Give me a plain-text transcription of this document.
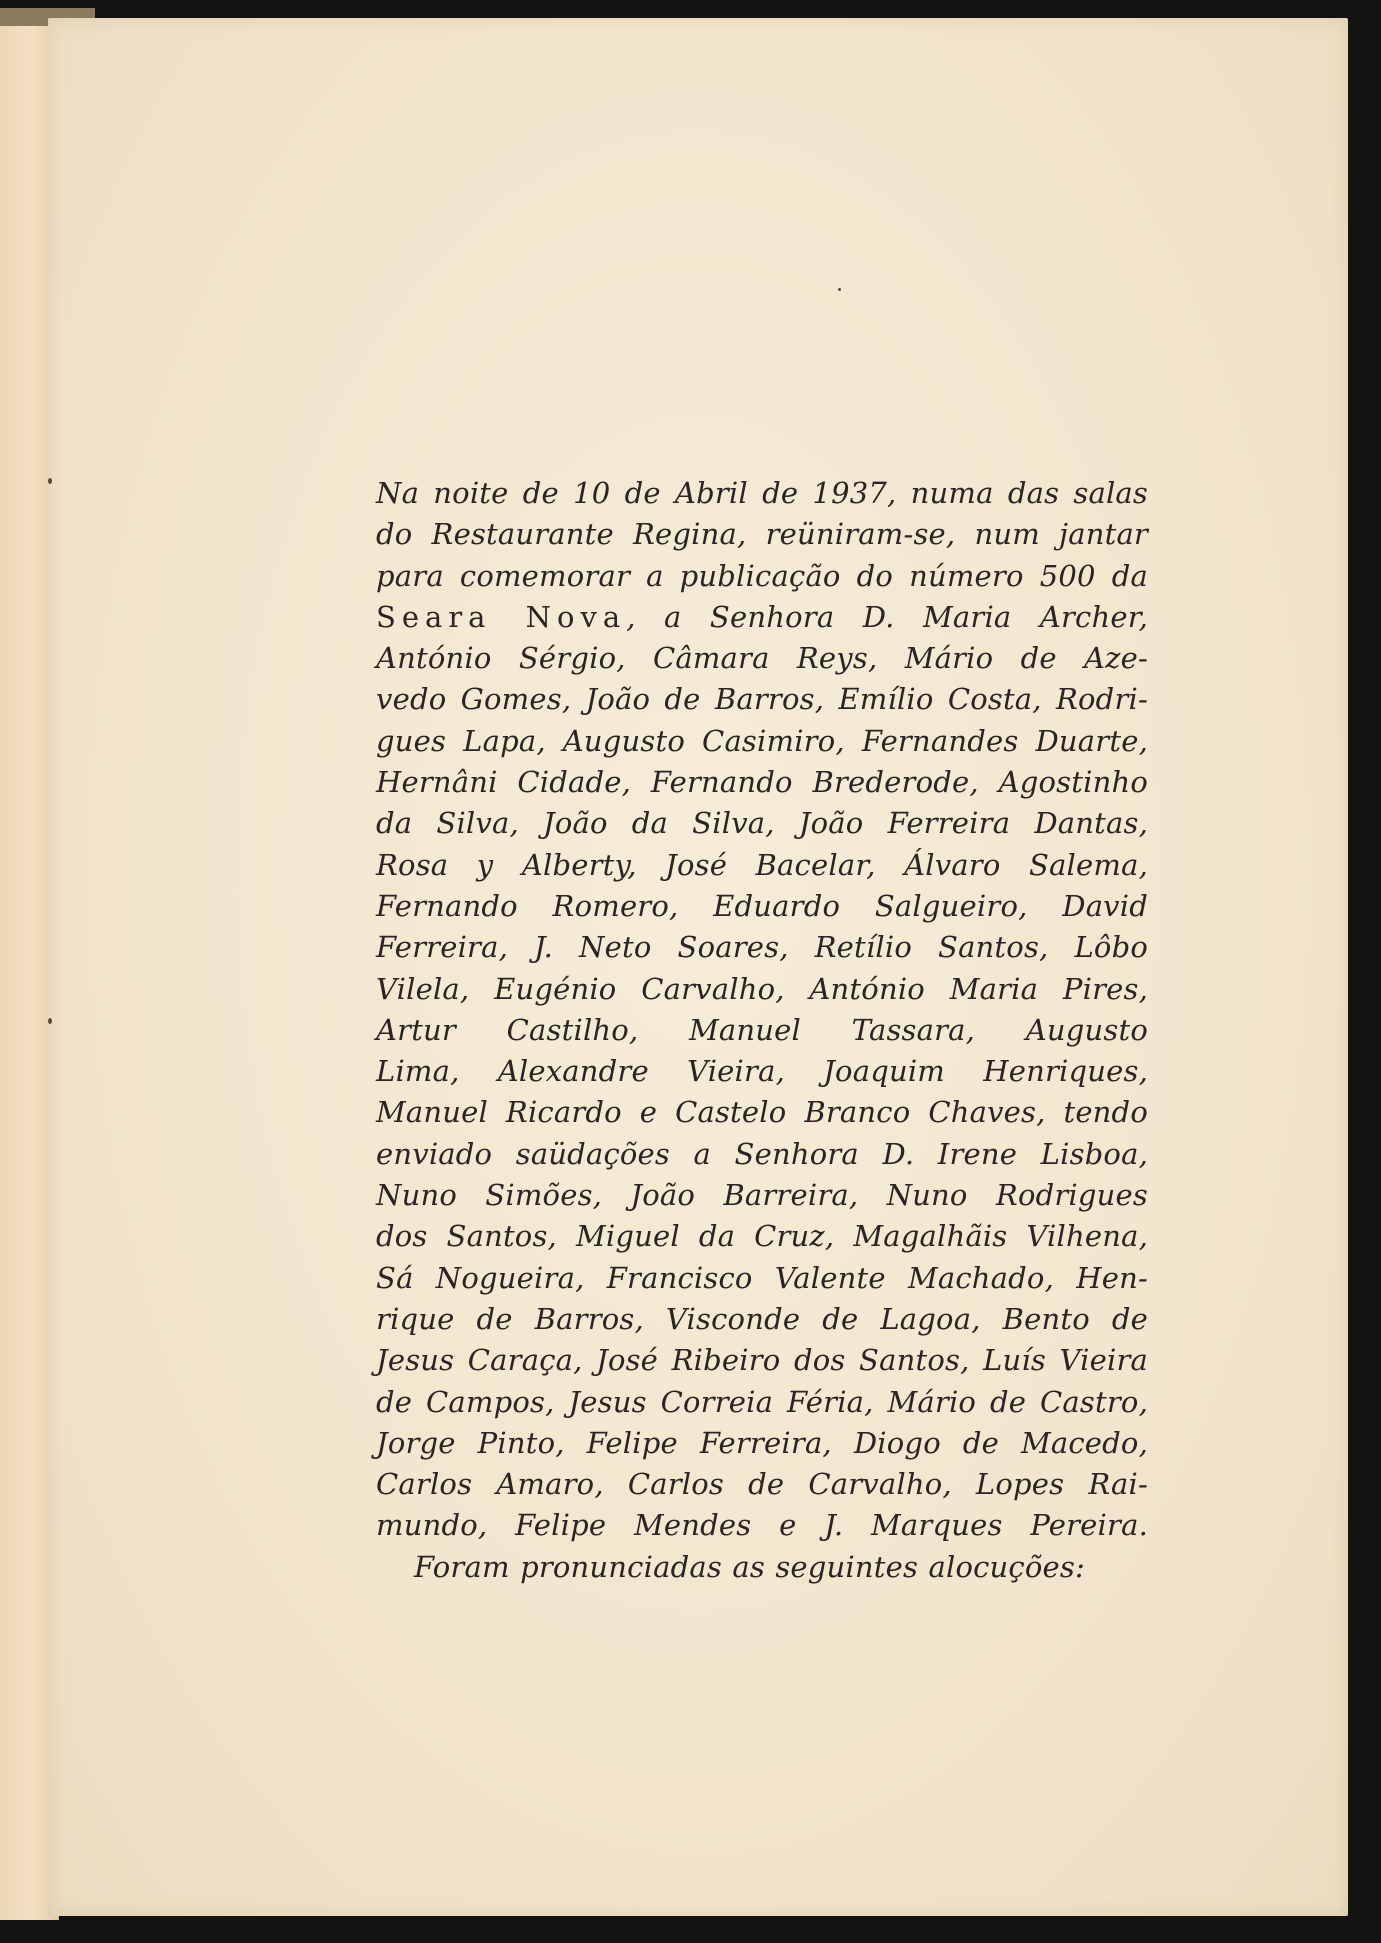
Na noite de 10 de Abril de 1937, numa das salas
do Restaurante Regina, reüniram-se, num jantar
para comemorar a publicação do número 500 da
Seara Nova, a Senhora D. Maria Archer,
António Sérgio, Câmara Reys, Mário de Aze-
vedo Gomes, João de Barros, Emílio Costa, Rodri-
gues Lapa, Augusto Casimiro, Fernandes Duarte,
Hernâni Cidade, Fernando Brederode, Agostinho
da Silva, João da Silva, João Ferreira Dantas,
Rosa y Alberty, José Bacelar, Álvaro Salema,
Fernando Romero, Eduardo Salgueiro, David
Ferreira, J. Neto Soares, Retílio Santos, Lôbo
Vilela, Eugénio Carvalho, António Maria Pires,
Artur Castilho, Manuel Tassara, Augusto
Lima, Alexandre Vieira, Joaquim Henriques,
Manuel Ricardo e Castelo Branco Chaves, tendo
enviado saüdações a Senhora D. Irene Lisboa,
Nuno Simões, João Barreira, Nuno Rodrigues
dos Santos, Miguel da Cruz, Magalhãis Vilhena,
Sá Nogueira, Francisco Valente Machado, Hen-
rique de Barros, Visconde de Lagoa, Bento de
Jesus Caraça, José Ribeiro dos Santos, Luís Vieira
de Campos, Jesus Correia Féria, Mário de Castro,
Jorge Pinto, Felipe Ferreira, Diogo de Macedo,
Carlos Amaro, Carlos de Carvalho, Lopes Rai-
mundo, Felipe Mendes e J. Marques Pereira.
Foram pronunciadas as seguintes alocuções:
